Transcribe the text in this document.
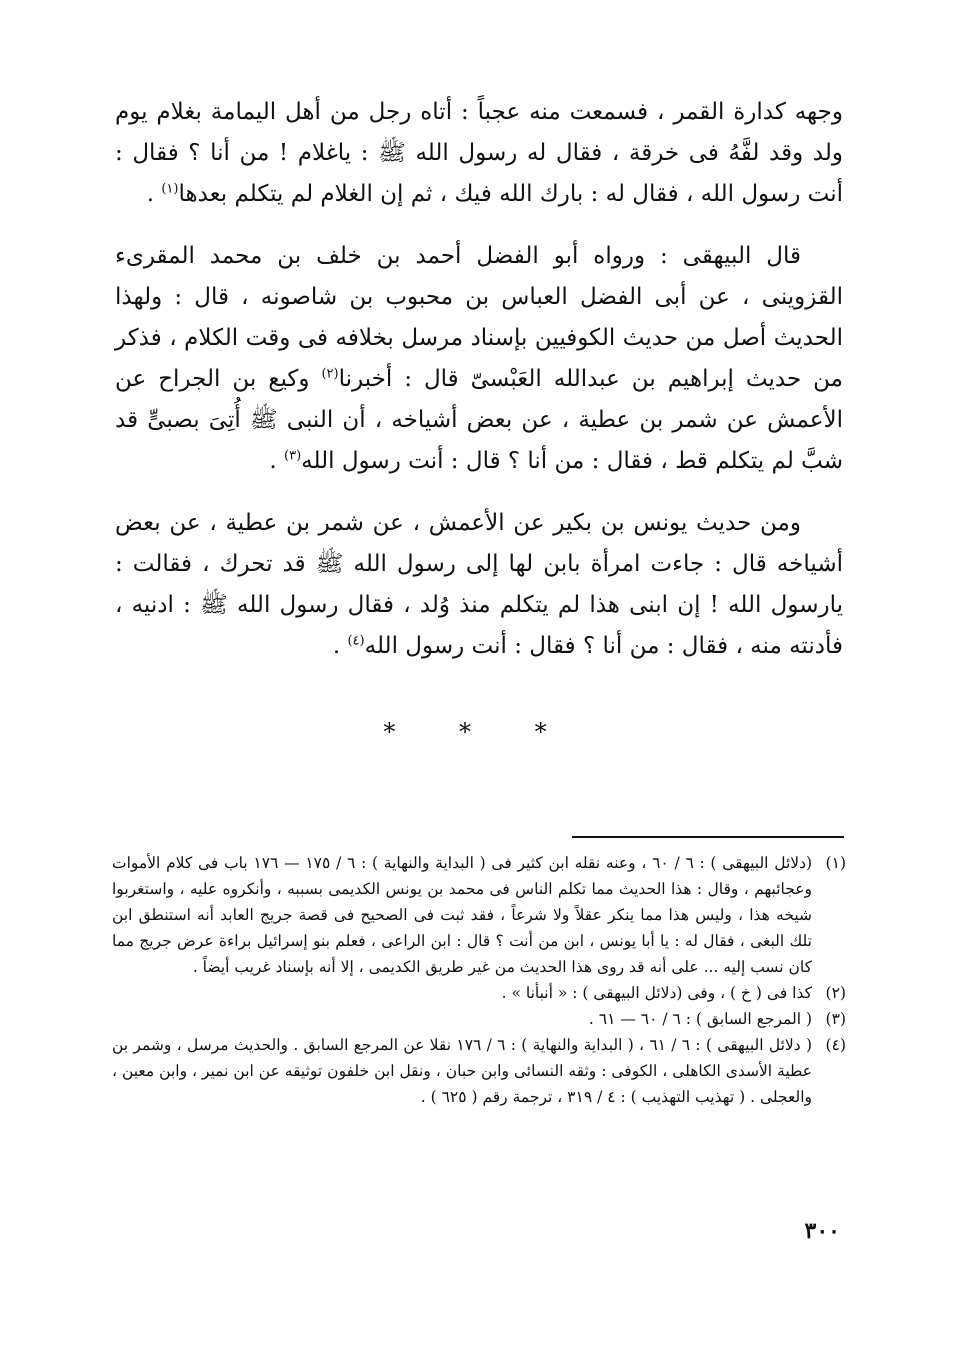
وجهه كدارة القمر ، فسمعت منه عجباً : أتاه رجل من أهل اليمامة بغلام يوم ولد وقد لفَّهُ فى خرقة ، فقال له رسول الله ﷺ : ياغلام ! من أنا ؟ فقال : أنت رسول الله ، فقال له : بارك الله فيك ، ثم إن الغلام لم يتكلم بعدها$^{(١)}$ .

قال البيهقى : ورواه أبو الفضل أحمد بن خلف بن محمد المقرىء القزوينى ، عن أبى الفضل العباس بن محبوب بن شاصونه ، قال : ولهذا الحديث أصل من حديث الكوفيين بإسناد مرسل بخلافه فى وقت الكلام ، فذكر من حديث إبراهيم بن عبدالله العَبْسىّ قال : أخبرنا$^{(٢)}$ وكيع بن الجراح عن الأعمش عن شمر بن عطية ، عن بعض أشياخه ، أن النبى ﷺ أُتِىَ بصبىٍّ قد شبَّ لم يتكلم قط ، فقال : من أنا ؟ قال : أنت رسول الله$^{(٣)}$ .

ومن حديث يونس بن بكير عن الأعمش ، عن شمر بن عطية ، عن بعض أشياخه قال : جاءت امرأة بابن لها إلى رسول الله ﷺ قد تحرك ، فقالت : يارسول الله ! إن ابنى هذا لم يتكلم منذ وُلد ، فقال رسول الله ﷺ : ادنيه ، فأدنته منه ، فقال : من أنا ؟ فقال : أنت رسول الله$^{(٤)}$ .

* * *
(١)
(دلائل البيهقى ) : ٦ / ٦٠ ، وعنه نقله ابن كثير فى ( البداية والنهاية ) : ٦ / ١٧٥ — ١٧٦ باب فى كلام الأموات وعجائبهم ، وقال : هذا الحديث مما تكلم الناس فى محمد بن يونس الكديمى بسببه ، وأنكروه عليه ، واستغربوا شيخه هذا ، وليس هذا مما ينكر عقلاً ولا شرعاً ، فقد ثبت فى الصحيح فى قصة جريج العابد أنه استنطق ابن تلك البغى ، فقال له : يا أبا يونس ، ابن من أنت ؟ قال : ابن الراعى ، فعلم بنو إسرائيل براءة عرض جريج مما كان نسب إليه ... على أنه قد روى هذا الحديث من غير طريق الكديمى ، إلا أنه بإسناد غريب أيضاً .
(٢)
كذا فى ( خ ) ، وفى (دلائل البيهقى ) : « أنبأنا » .
(٣)
( المرجع السابق ) : ٦ / ٦٠ — ٦١ .
(٤)
( دلائل البيهقى ) : ٦ / ٦١ ، ( البداية والنهاية ) : ٦ / ١٧٦ نقلا عن المرجع السابق . والحديث مرسل ، وشمر بن عطية الأسدى الكاهلى ، الكوفى : وثقه النسائى وابن حبان ، ونقل ابن خلفون توثيقه عن ابن نمير ، وابن معين ، والعجلى . ( تهذيب التهذيب ) : ٤ / ٣١٩ ، ترجمة رقم ( ٦٢٥ ) .
٣٠٠
